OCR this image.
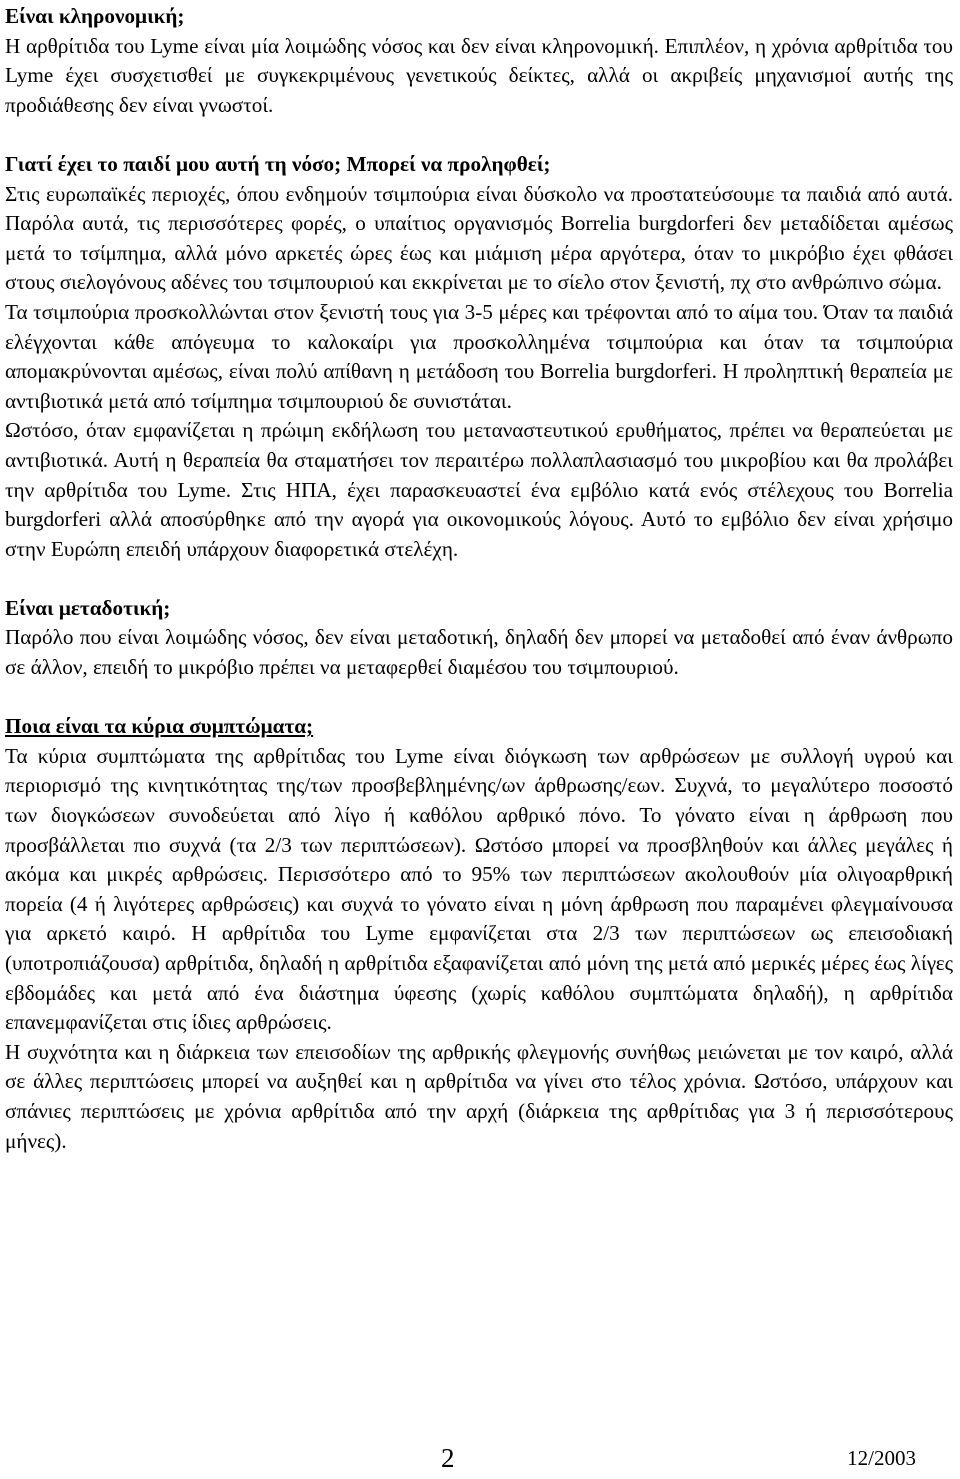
Είναι κληρονομική;

Η αρθρίτιδα του Lyme είναι μία λοιμώδης νόσος και δεν είναι κληρονομική. Επιπλέον, η χρόνια αρθρίτιδα του Lyme έχει συσχετισθεί με συγκεκριμένους γενετικούς δείκτες, αλλά οι ακριβείς μηχανισμοί αυτής της προδιάθεσης δεν είναι γνωστοί.

Γιατί έχει το παιδί μου αυτή τη νόσο; Μπορεί να προληφθεί;

Στις ευρωπαϊκές περιοχές, όπου ενδημούν τσιμπούρια είναι δύσκολο να προστατεύσουμε τα παιδιά από αυτά. Παρόλα αυτά, τις περισσότερες φορές, ο υπαίτιος οργανισμός Borrelia burgdorferi δεν μεταδίδεται αμέσως μετά το τσίμπημα, αλλά μόνο αρκετές ώρες έως και μιάμιση μέρα αργότερα, όταν το μικρόβιο έχει φθάσει στους σιελογόνους αδένες του τσιμπουριού και εκκρίνεται με το σίελο στον ξενιστή, πχ στο ανθρώπινο σώμα.

Τα τσιμπούρια προσκολλώνται στον ξενιστή τους για 3-5 μέρες και τρέφονται από το αίμα του. Όταν τα παιδιά ελέγχονται κάθε απόγευμα το καλοκαίρι για προσκολλημένα τσιμπούρια και όταν τα τσιμπούρια απομακρύνονται αμέσως, είναι πολύ απίθανη η μετάδοση του Borrelia burgdorferi. Η προληπτική θεραπεία με αντιβιοτικά μετά από τσίμπημα τσιμπουριού δε συνιστάται.

Ωστόσο, όταν εμφανίζεται η πρώιμη εκδήλωση του μεταναστευτικού ερυθήματος, πρέπει να θεραπεύεται με αντιβιοτικά. Αυτή η θεραπεία θα σταματήσει τον περαιτέρω πολλαπλασιασμό του μικροβίου και θα προλάβει την αρθρίτιδα του Lyme. Στις ΗΠΑ, έχει παρασκευαστεί ένα εμβόλιο κατά ενός στέλεχους του Borrelia burgdorferi αλλά αποσύρθηκε από την αγορά για οικονομικούς λόγους. Αυτό το εμβόλιο δεν είναι χρήσιμο στην Ευρώπη επειδή υπάρχουν διαφορετικά στελέχη.

Είναι μεταδοτική;

Παρόλο που είναι λοιμώδης νόσος, δεν είναι μεταδοτική, δηλαδή δεν μπορεί να μεταδοθεί από έναν άνθρωπο σε άλλον, επειδή το μικρόβιο πρέπει να μεταφερθεί διαμέσου του τσιμπουριού.

Ποια είναι τα κύρια συμπτώματα;

Τα κύρια συμπτώματα της αρθρίτιδας του Lyme είναι διόγκωση των αρθρώσεων με συλλογή υγρού και περιορισμό της κινητικότητας της/των προσβεβλημένης/ων άρθρωσης/εων. Συχνά, το μεγαλύτερο ποσοστό των διογκώσεων συνοδεύεται από λίγο ή καθόλου αρθρικό πόνο. Το γόνατο είναι η άρθρωση που προσβάλλεται πιο συχνά (τα 2/3 των περιπτώσεων). Ωστόσο μπορεί να προσβληθούν και άλλες μεγάλες ή ακόμα και μικρές αρθρώσεις. Περισσότερο από το 95% των περιπτώσεων ακολουθούν μία ολιγοαρθρική πορεία (4 ή λιγότερες αρθρώσεις) και συχνά το γόνατο είναι η μόνη άρθρωση που παραμένει φλεγμαίνουσα για αρκετό καιρό. Η αρθρίτιδα του Lyme εμφανίζεται στα 2/3 των περιπτώσεων ως επεισοδιακή (υποτροπιάζουσα) αρθρίτιδα, δηλαδή η αρθρίτιδα εξαφανίζεται από μόνη της μετά από μερικές μέρες έως λίγες εβδομάδες και μετά από ένα διάστημα ύφεσης (χωρίς καθόλου συμπτώματα δηλαδή), η αρθρίτιδα επανεμφανίζεται στις ίδιες αρθρώσεις.

Η συχνότητα και η διάρκεια των επεισοδίων της αρθρικής φλεγμονής συνήθως μειώνεται με τον καιρό, αλλά σε άλλες περιπτώσεις μπορεί να αυξηθεί και η αρθρίτιδα να γίνει στο τέλος χρόνια. Ωστόσο, υπάρχουν και σπάνιες περιπτώσεις με χρόνια αρθρίτιδα από την αρχή (διάρκεια της αρθρίτιδας για 3 ή περισσότερους μήνες).

2	12/2003
